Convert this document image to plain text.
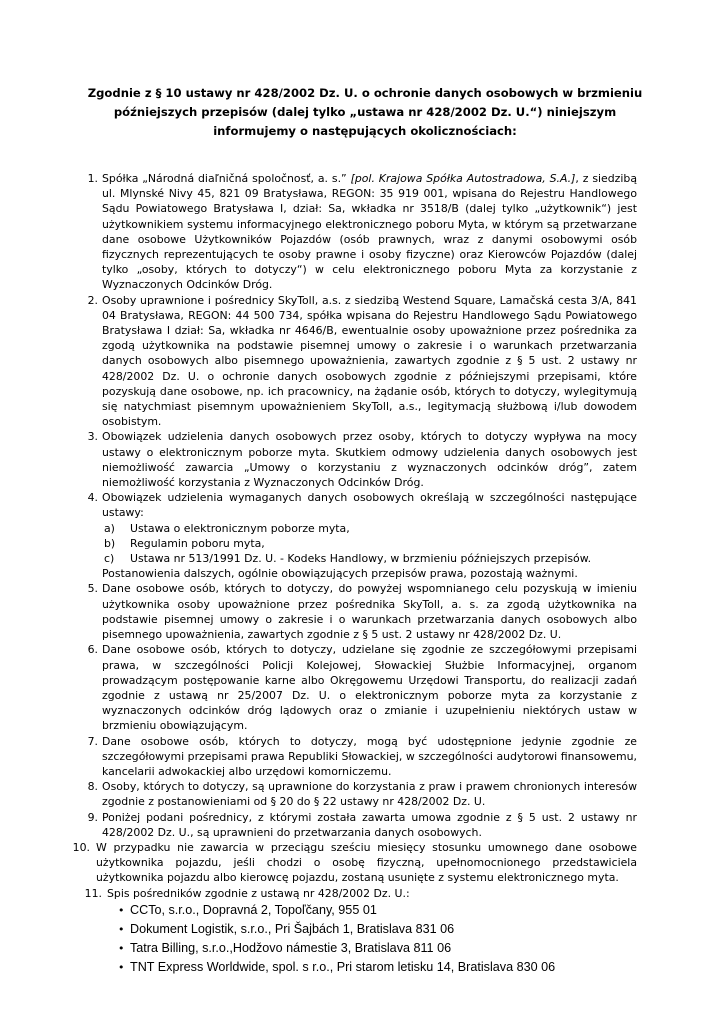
Zgodnie z § 10 ustawy nr 428/2002 Dz. U. o ochronie danych osobowych w brzmieniu
późniejszych przepisów (dalej tylko „ustawa nr 428/2002 Dz. U.“) niniejszym
informujemy o następujących okolicznościach:
1. Spółka „Národná diaľničná spoločnosť, a. s.” [pol. Krajowa Spółka Autostradowa, S.A.], z siedzibą ul. Mlynské Nivy 45, 821 09 Bratysława, REGON: 35 919 001, wpisana do Rejestru Handlowego Sądu Powiatowego Bratysława I, dział: Sa, wkładka nr 3518/B (dalej tylko „użytkownik“) jest użytkownikiem systemu informacyjnego elektronicznego poboru Myta, w którym są przetwarzane dane osobowe Użytkowników Pojazdów (osób prawnych, wraz z danymi osobowymi osób fizycznych reprezentujących te osoby prawne i osoby fizyczne) oraz Kierowców Pojazdów (dalej tylko „osoby, których to dotyczy“) w celu elektronicznego poboru Myta za korzystanie z Wyznaczonych Odcinków Dróg.
2. Osoby uprawnione i pośrednicy SkyToll, a.s. z siedzibą Westend Square, Lamačská cesta 3/A, 841 04 Bratysława, REGON: 44 500 734, spółka wpisana do Rejestru Handlowego Sądu Powiatowego Bratysława I dział: Sa, wkładka nr 4646/B, ewentualnie osoby upoważnione przez pośrednika za zgodą użytkownika na podstawie pisemnej umowy o zakresie i o warunkach przetwarzania danych osobowych albo pisemnego upoważnienia, zawartych zgodnie z § 5 ust. 2 ustawy nr 428/2002 Dz. U. o ochronie danych osobowych zgodnie z późniejszymi przepisami, które pozyskują dane osobowe, np. ich pracownicy, na żądanie osób, których to dotyczy, wylegitymują się natychmiast pisemnym upoważnieniem SkyToll, a.s., legitymacją służbową i/lub dowodem osobistym.
3. Obowiązek udzielenia danych osobowych przez osoby, których to dotyczy wypływa na mocy ustawy o elektronicznym poborze myta. Skutkiem odmowy udzielenia danych osobowych jest niemożliwość zawarcia „Umowy o korzystaniu z wyznaczonych odcinków dróg”, zatem niemożliwość korzystania z Wyznaczonych Odcinków Dróg.
4. Obowiązek udzielenia wymaganych danych osobowych określają w szczególności następujące ustawy:
a) Ustawa o elektronicznym poborze myta,
b) Regulamin poboru myta,
c) Ustawa nr 513/1991 Dz. U. - Kodeks Handlowy, w brzmieniu późniejszych przepisów.
Postanowienia dalszych, ogólnie obowiązujących przepisów prawa, pozostają ważnymi.
5. Dane osobowe osób, których to dotyczy, do powyżej wspomnianego celu pozyskują w imieniu użytkownika osoby upoważnione przez pośrednika SkyToll, a. s. za zgodą użytkownika na podstawie pisemnej umowy o zakresie i o warunkach przetwarzania danych osobowych albo pisemnego upoważnienia, zawartych zgodnie z § 5 ust. 2 ustawy nr 428/2002 Dz. U.
6. Dane osobowe osób, których to dotyczy, udzielane się zgodnie ze szczegółowymi przepisami prawa, w szczególności Policji Kolejowej, Słowackiej Służbie Informacyjnej, organom prowadzącym postępowanie karne albo Okręgowemu Urzędowi Transportu, do realizacji zadań zgodnie z ustawą nr 25/2007 Dz. U. o elektronicznym poborze myta za korzystanie z wyznaczonych odcinków dróg lądowych oraz o zmianie i uzupełnieniu niektórych ustaw w brzmieniu obowiązującym.
7. Dane osobowe osób, których to dotyczy, mogą być udostępnione jedynie zgodnie ze szczegółowymi przepisami prawa Republiki Słowackiej, w szczególności audytorowi finansowemu, kancelarii adwokackiej albo urzędowi komorniczemu.
8. Osoby, których to dotyczy, są uprawnione do korzystania z praw i prawem chronionych interesów zgodnie z postanowieniami od § 20 do § 22 ustawy nr 428/2002 Dz. U.
9. Poniżej podani pośrednicy, z którymi została zawarta umowa zgodnie z § 5 ust. 2 ustawy nr 428/2002 Dz. U., są uprawnieni do przetwarzania danych osobowych.
10. W przypadku nie zawarcia w przeciągu sześciu miesięcy stosunku umownego dane osobowe użytkownika pojazdu, jeśli chodzi o osobę fizyczną, upełnomocnionego przedstawiciela użytkownika pojazdu albo kierowcę pojazdu, zostaną usunięte z systemu elektronicznego myta.
11. Spis pośredników zgodnie z ustawą nr 428/2002 Dz. U.:
• CCTo, s.r.o., Dopravná 2, Topoľčany, 955 01
• Dokument Logistik, s.r.o., Pri Šajbách 1, Bratislava 831 06
• Tatra Billing, s.r.o.,Hodžovo námestie 3, Bratislava 811 06
• TNT Express Worldwide, spol. s r.o., Pri starom letisku 14, Bratislava 830 06
